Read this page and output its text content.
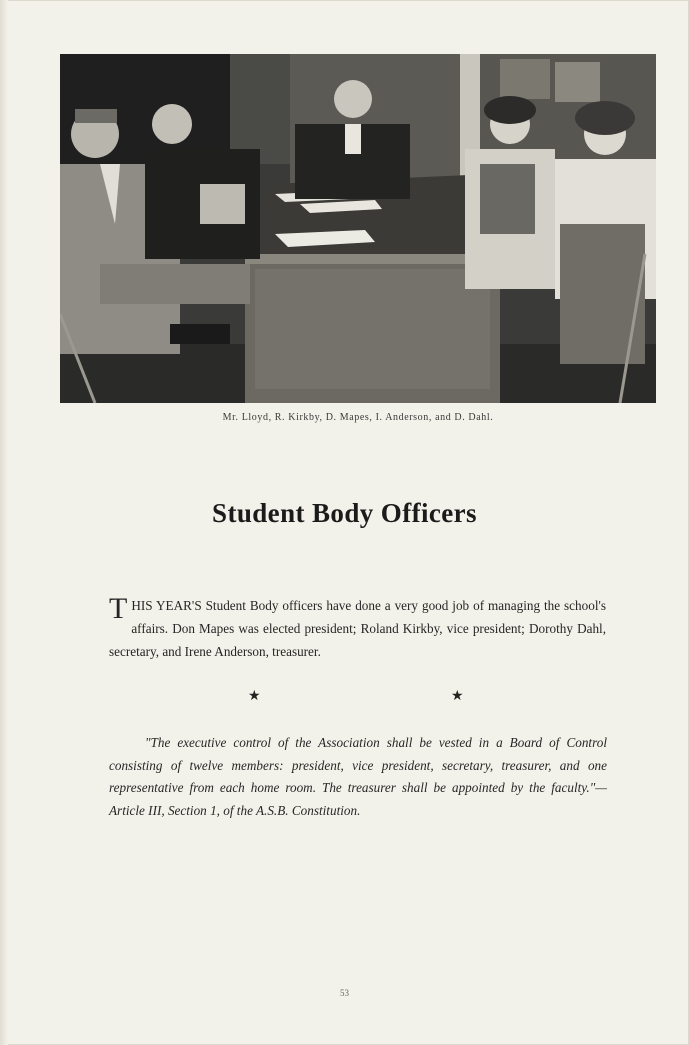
Mr. Lloyd, R. Kirkby, D. Mapes, I. Anderson, and D. Dahl.
Student Body Officers
THIS YEAR'S Student Body officers have done a very good job of managing the school's affairs. Don Mapes was elected president; Roland Kirkby, vice president; Dorothy Dahl, secretary, and Irene Anderson, treasurer.
★	★
"The executive control of the Association shall be vested in a Board of Control consisting of twelve members: president, vice president, secretary, treasurer, and one representative from each home room. The treasurer shall be appointed by the faculty."—Article III, Section 1, of the A.S.B. Constitution.
53
